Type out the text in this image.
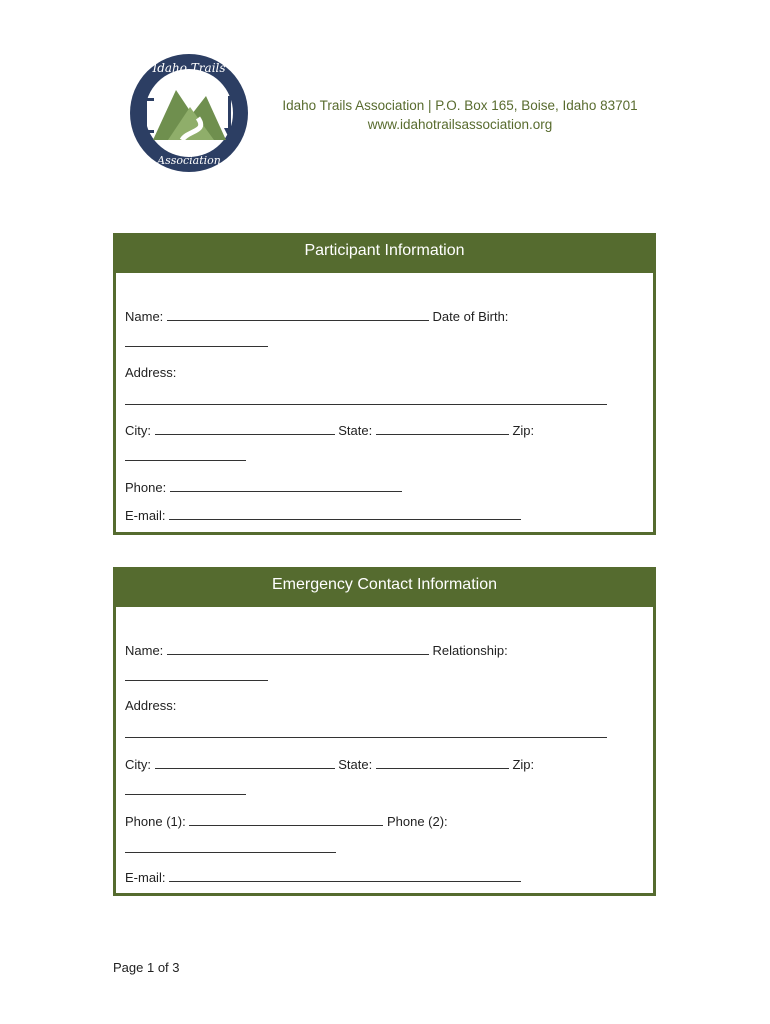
Idaho Trails
Association
Idaho Trails Association | P.O. Box 165, Boise, Idaho 83701
www.idahotrailsassociation.org
Participant Information
Name:	Date of Birth:
Address:
City:	State:	Zip:
Phone:
E-mail:
Emergency Contact Information
Name:	Relationship:
Address:
City:	State:	Zip:
Phone (1):	Phone (2):
E-mail:
Page 1 of 3
